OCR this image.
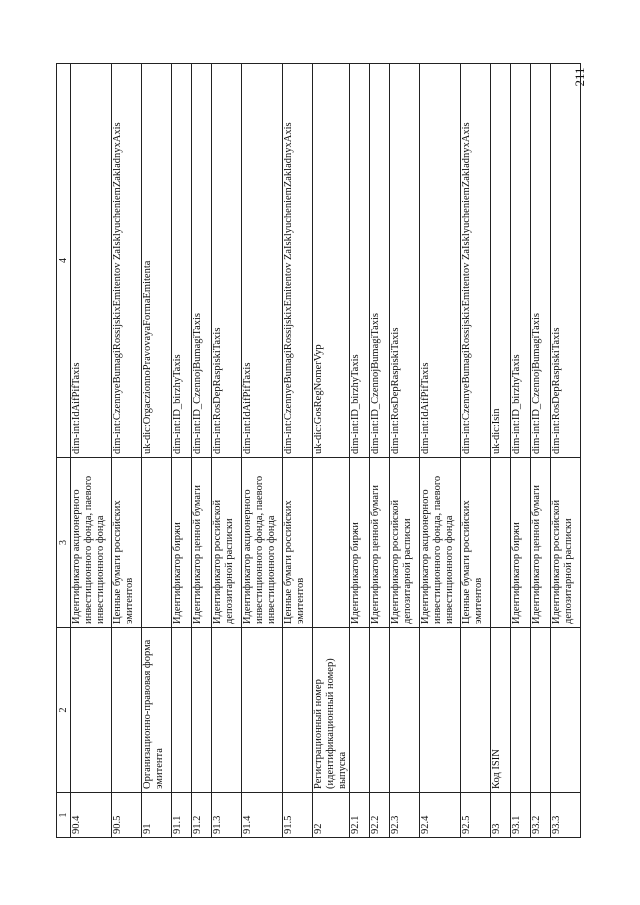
211
1	2	3	4
90.4		Идентификатор акционерного инвестиционного фонда, паевого инвестиционного фонда	dim-int:IdAifPifTaxis
90.5		Ценные бумаги российских эмитентов	dim-int:CzennyeBumagiRossijskixEmitentov ZaIsklyucheniemZakladnyxAxis
91	Организационно-правовая форма эмитента		uk-dic:OrgaczionnoPravovayaFormaEmitenta
91.1		Идентификатор биржи	dim-int:ID_birzhyTaxis
91.2		Идентификатор ценной бумаги	dim-int:ID_CzennojBumagiTaxis
91.3		Идентификатор российской депозитарной расписки	dim-int:RosDepRaspiskiTaxis
91.4		Идентификатор акционерного инвестиционного фонда, паевого инвестиционного фонда	dim-int:IdAifPifTaxis
91.5		Ценные бумаги российских эмитентов	dim-int:CzennyeBumagiRossijskixEmitentov ZaIsklyucheniemZakladnyxAxis
92	Регистрационный номер (идентификационный номер) выпуска		uk-dic:GosRegNomerVyp
92.1		Идентификатор биржи	dim-int:ID_birzhyTaxis
92.2		Идентификатор ценной бумаги	dim-int:ID_CzennojBumagiTaxis
92.3		Идентификатор российской депозитарной расписки	dim-int:RosDepRaspiskiTaxis
92.4		Идентификатор акционерного инвестиционного фонда, паевого инвестиционного фонда	dim-int:IdAifPifTaxis
92.5		Ценные бумаги российских эмитентов	dim-int:CzennyeBumagiRossijskixEmitentov ZaIsklyucheniemZakladnyxAxis
93	Код ISIN		uk-dic:Isin
93.1		Идентификатор биржи	dim-int:ID_birzhyTaxis
93.2		Идентификатор ценной бумаги	dim-int:ID_CzennojBumagiTaxis
93.3		Идентификатор российской депозитарной расписки	dim-int:RosDepRaspiskiTaxis
